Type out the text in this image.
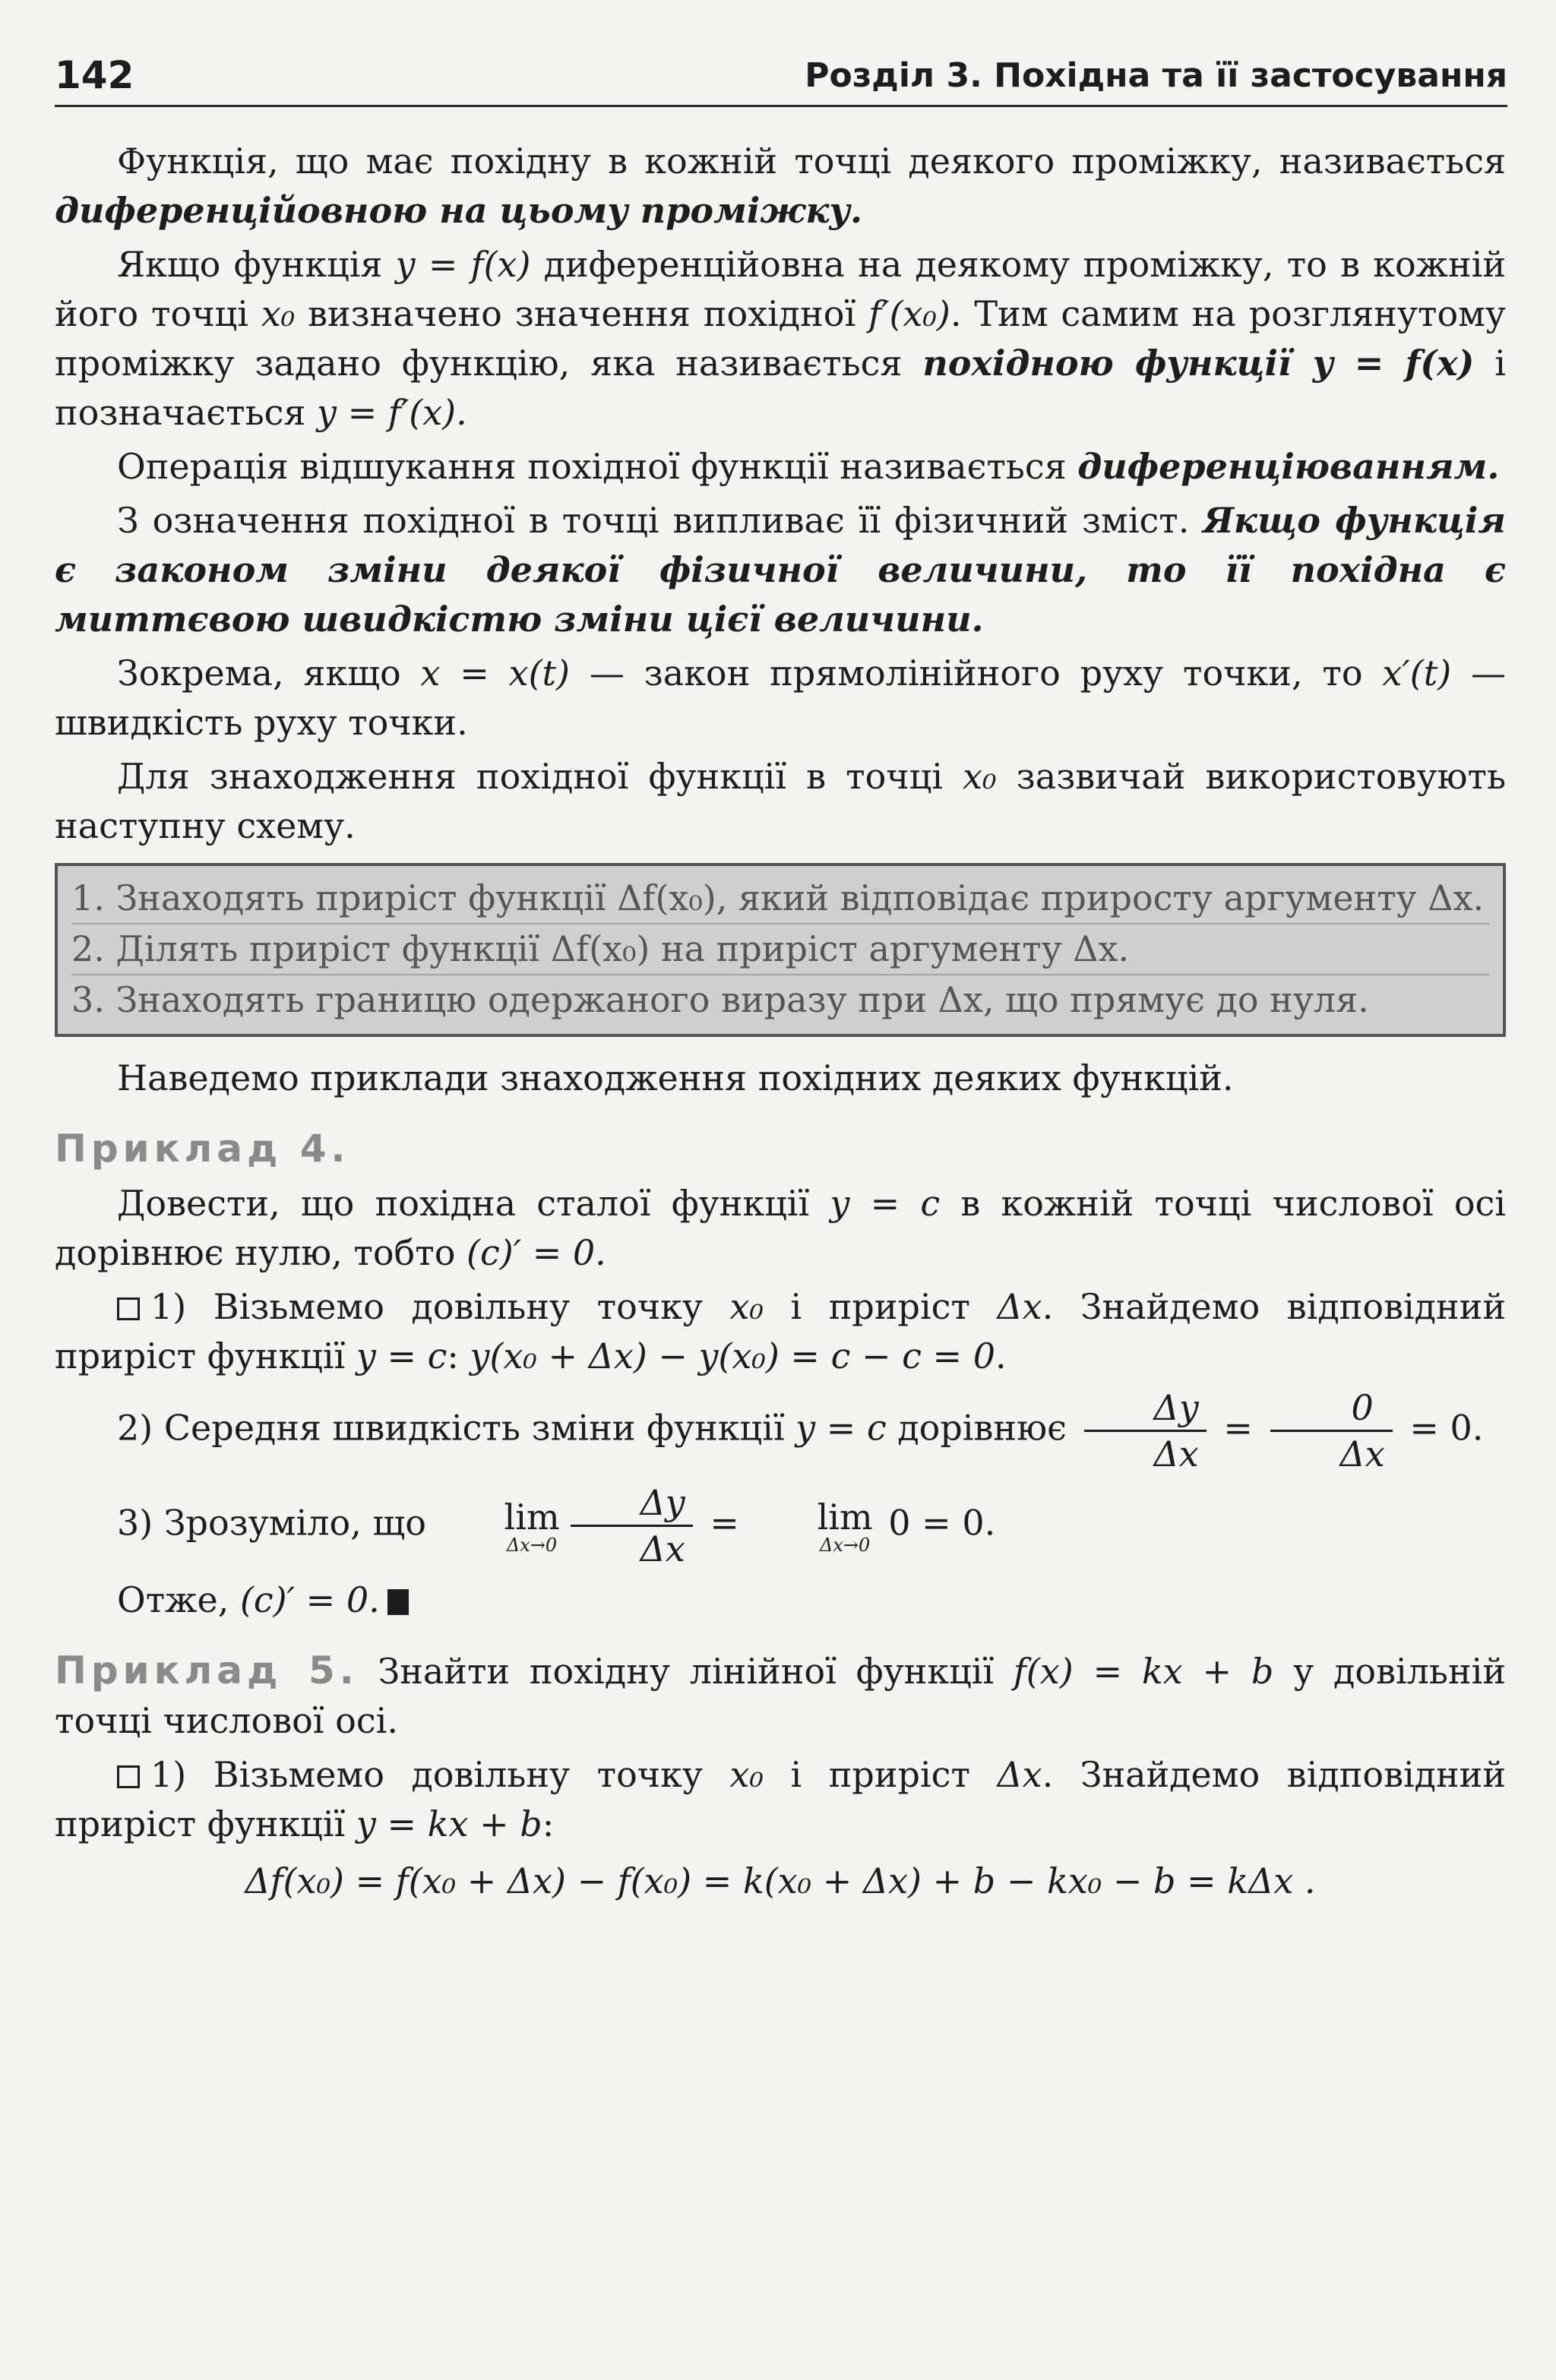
142	Розділ 3. Похідна та її застосування

Функція, що має похідну в кожній точці деякого проміжку, називається диференційовною на цьому проміжку.

Якщо функція y = f(x) диференційовна на деякому проміжку, то в кожній його точці x₀ визначено значення похідної f′(x₀). Тим самим на розглянутому проміжку задано функцію, яка називається похідною функції y = f(x) і позначається y = f′(x).

Операція відшукання похідної функції називається диференціюванням.

З означення похідної в точці випливає її фізичний зміст. Якщо функція є законом зміни деякої фізичної величини, то її похідна є миттєвою швидкістю зміни цієї величини.

Зокрема, якщо x = x(t) — закон прямолінійного руху точки, то x′(t) — швидкість руху точки.

Для знаходження похідної функції в точці x₀ зазвичай використовують наступну схему.

1. Знаходять приріст функції Δf(x₀), який відповідає приросту аргументу Δx.

2. Ділять приріст функції Δf(x₀) на приріст аргументу Δx.

3. Знаходять границю одержаного виразу при Δx, що прямує до нуля.

Наведемо приклади знаходження похідних деяких функцій.

Приклад 4.

Довести, що похідна сталої функції y = c в кожній точці числової осі дорівнює нулю, тобто (c)′ = 0.

1) Візьмемо довільну точку x₀ і приріст Δx. Знайдемо відповідний приріст функції y = c: y(x₀ + Δx) − y(x₀) = c − c = 0.

2) Середня швидкість зміни функції y = c дорівнює $\frac{\Delta y}{\Delta x} = \frac{0}{\Delta x} = 0$.

3) Зрозуміло, що	lim
$\Delta x\to 0 \frac{\Delta y}{\Delta x}$ =	lim
Δx→0
0 = 0.

Отже, (c)′ = 0.

Приклад 5. Знайти похідну лінійної функції f(x) = kx + b у довільній точці числової осі.

1) Візьмемо довільну точку x₀ і приріст Δx. Знайдемо відповідний приріст функції y = kx + b:

Δf(x₀) = f(x₀ + Δx) − f(x₀) = k(x₀ + Δx) + b − kx₀ − b = kΔx .
